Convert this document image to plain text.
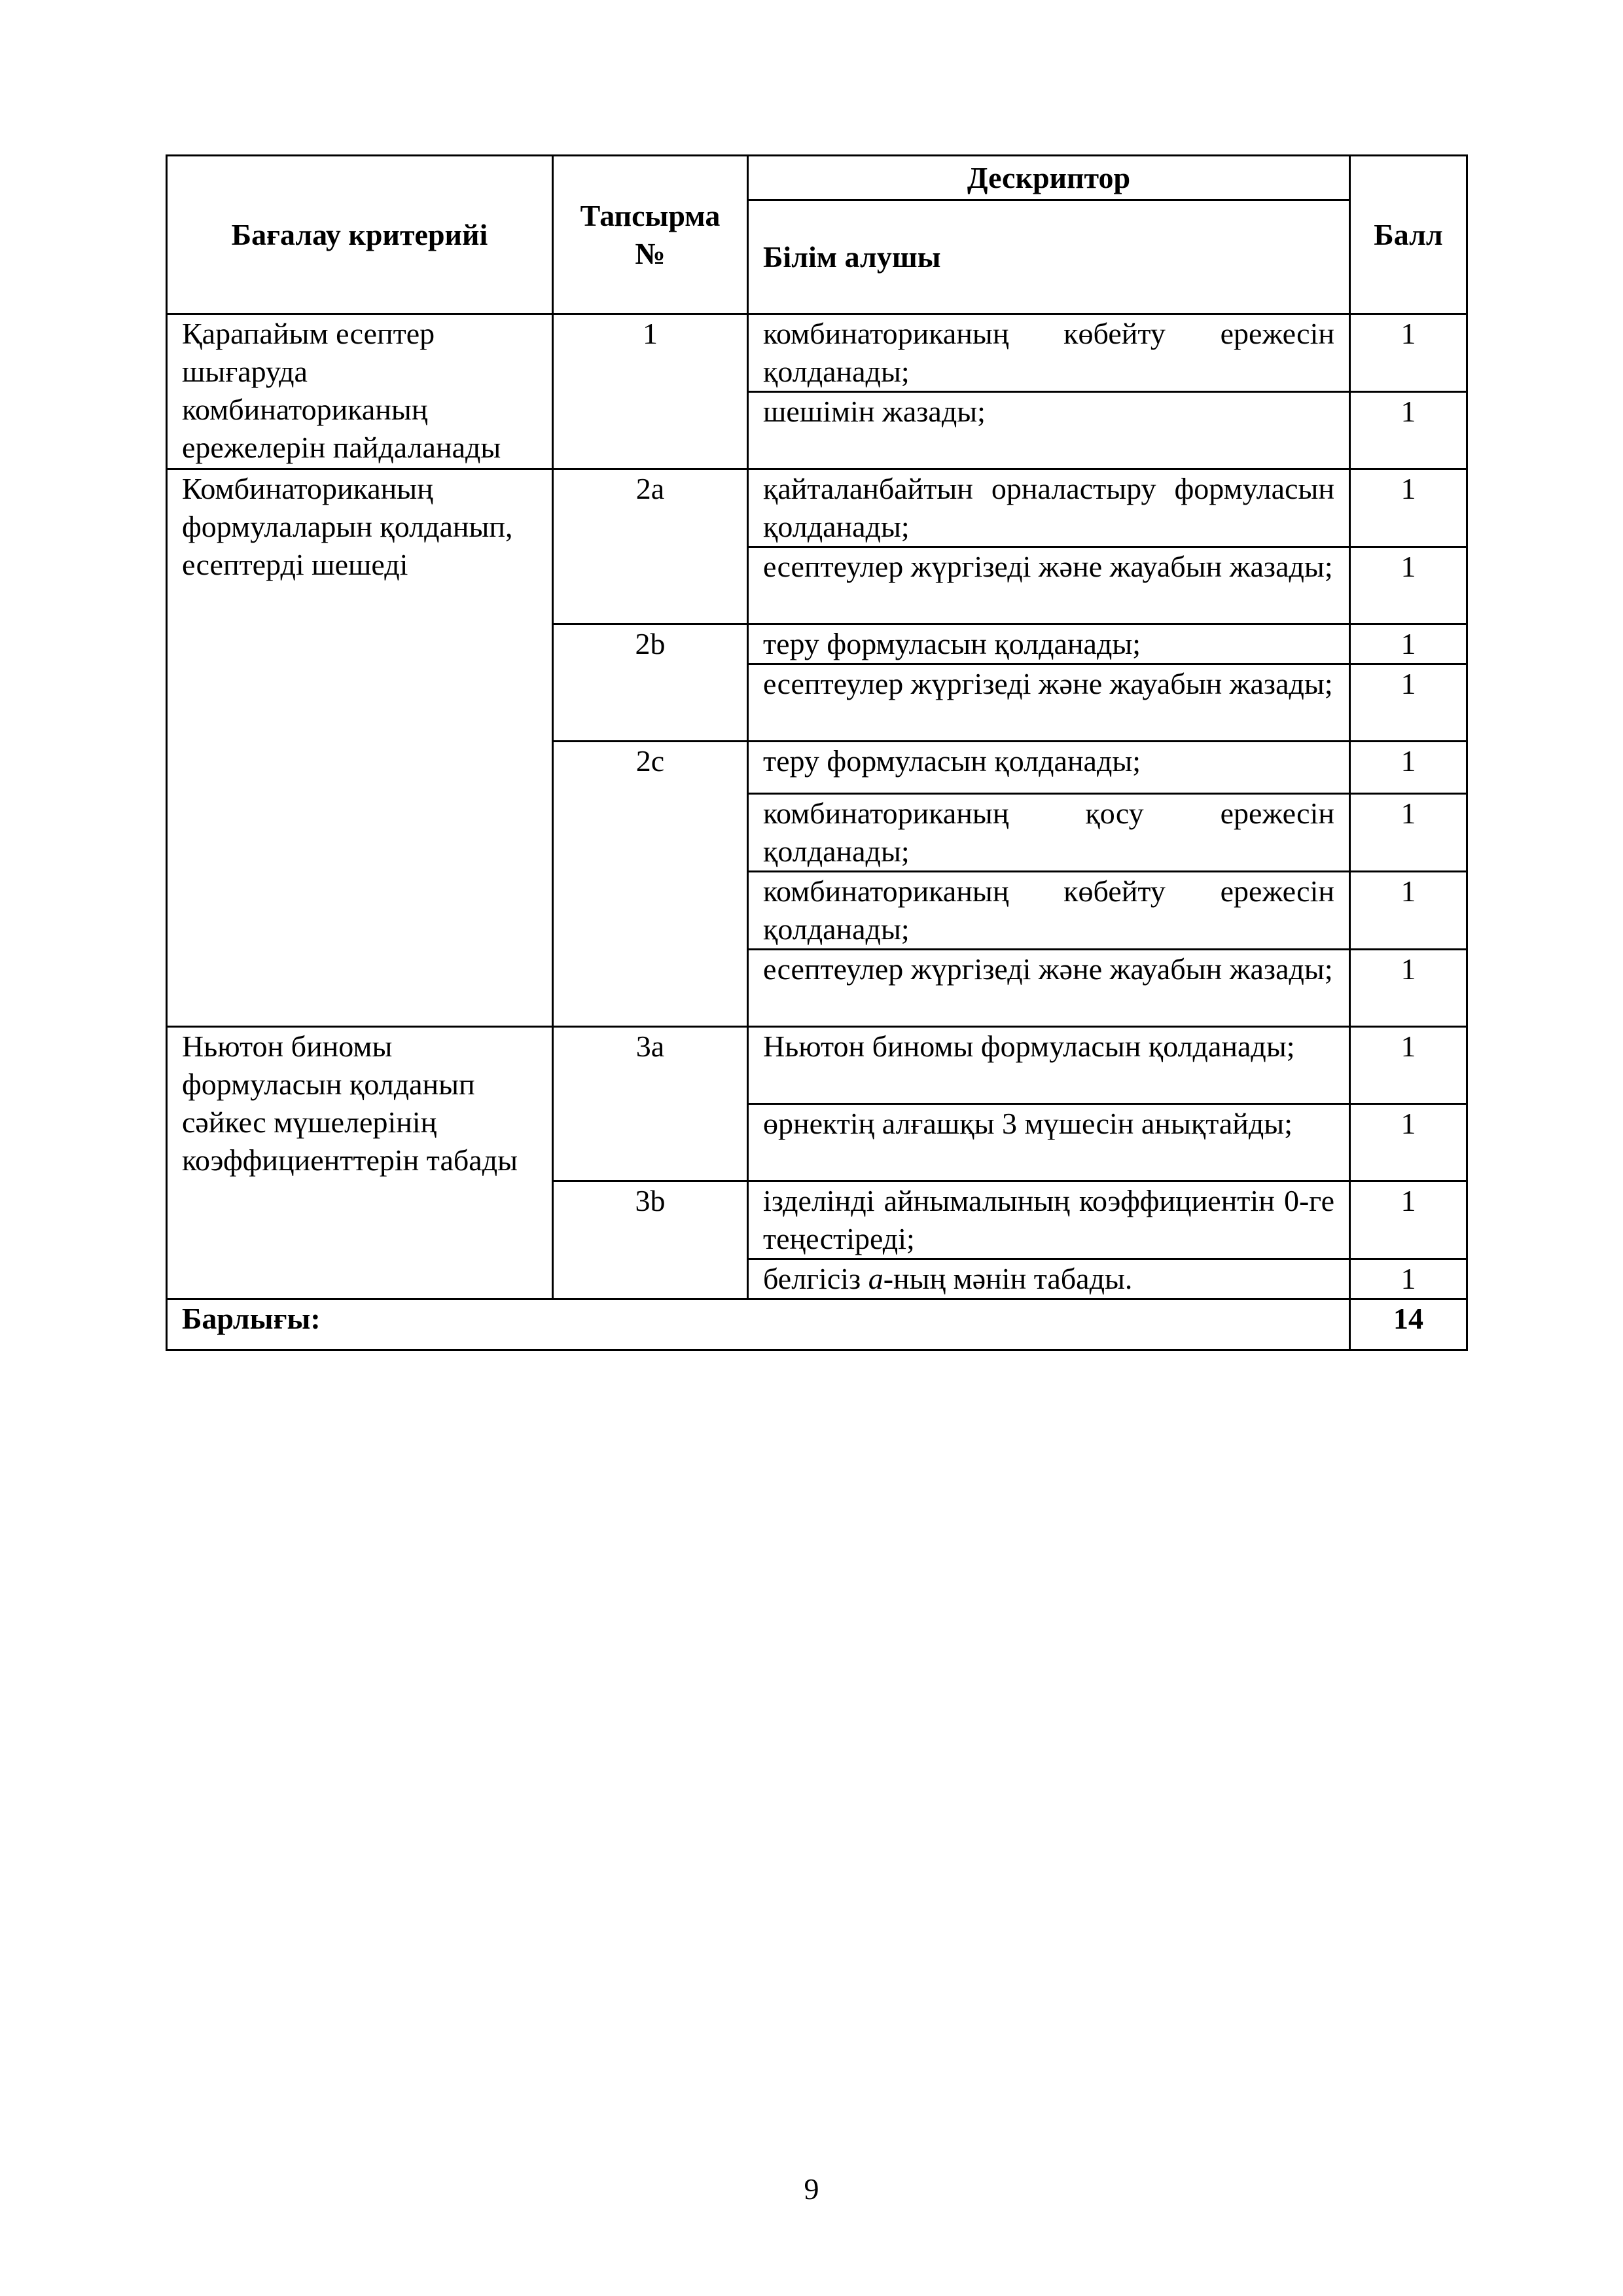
Бағалау критерийі	Тапсырма №	Дескриптор	Балл
		Білім алушы	
Қарапайым есептер шығаруда комбинаториканың ережелерін пайдаланады	1	комбинаториканың көбейту ережесін қолданады;	1
		шешімін жазады;	1
Комбинаториканың формулаларын қолданып, есептерді шешеді	2a	қайталанбайтын орналастыру формуласын қолданады;	1
		есептеулер жүргізеді және жауабын жазады;	1
	2b	теру формуласын қолданады;	1
		есептеулер жүргізеді және жауабын жазады;	1
	2c	теру формуласын қолданады;	1
		комбинаториканың қосу ережесін қолданады;	1
		комбинаториканың көбейту ережесін қолданады;	1
		есептеулер жүргізеді және жауабын жазады;	1
Ньютон биномы формуласын қолданып сәйкес мүшелерінің коэффициенттерін табады	3a	Ньютон биномы формуласын қолданады;	1
		өрнектің алғашқы 3 мүшесін анықтайды;	1
	3b	ізделінді айнымалының коэффициентін 0-ге теңестіреді;	1
		белгісіз a-ның мәнін табады.	1
Барлығы:			14
9
